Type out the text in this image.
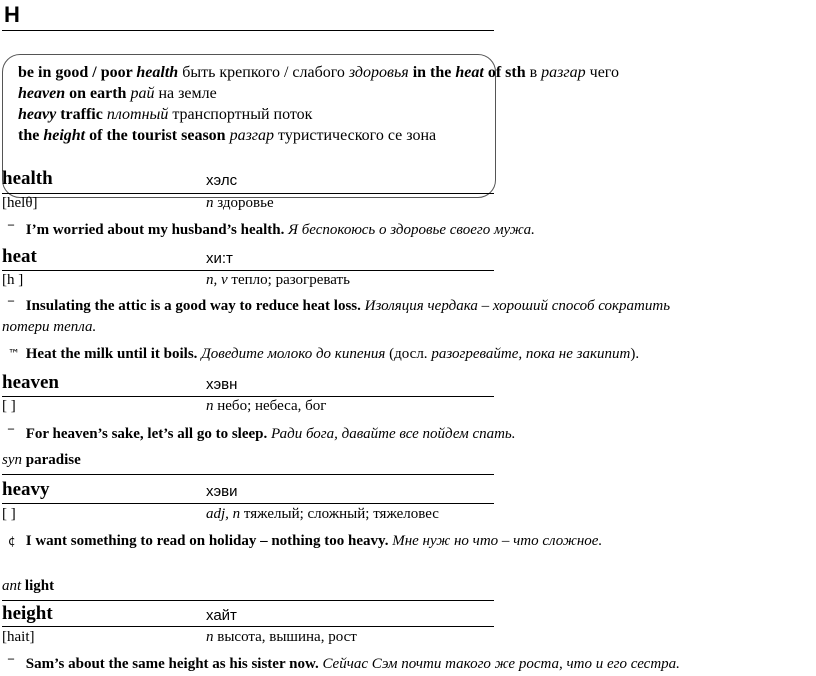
H
be in good / poor health быть крепкого / слабого здоровья in the heat of sth в разгар чего
heaven on earth рай на земле
heavy traffic плотный транспортный поток
the height of the tourist season разгар туристического се зона
health	хэлс
[helθ]	n здоровье
‾ I’m worried about my husband’s health. Я беспокоюсь о здоровье своего мужа.
heat	хи:т
[h ]	n, v тепло; разогревать
‾ Insulating the attic is a good way to reduce heat loss. Изоляция чердака – хороший способ сократить
потери тепла.
™ Heat the milk until it boils. Доведите молоко до кипения (досл. разогревайте, пока не закипит).
heaven	хэвн
[ ]	n небо; небеса, бог
‾ For heaven’s sake, let’s all go to sleep. Ради бога, давайте все пойдем спать.
syn paradise
heavy	хэви
[ ]	adj, n тяжелый; сложный; тяжеловес
¢ I want something to read on holiday – nothing too heavy. Мне нуж но что – что сложное.
ant light
height	хайт
[hait]	n высота, вышина, рост
‾ Sam’s about the same height as his sister now. Сейчас Сэм почти такого же роста, что и его сестра.
